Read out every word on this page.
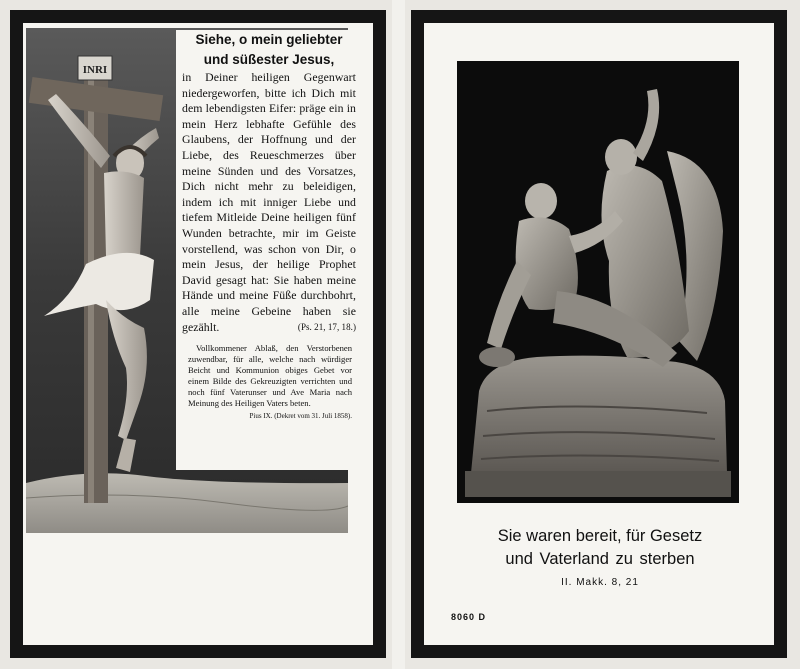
INRI
Siehe, o mein geliebter
und süßester Jesus,
in Deiner heiligen Gegenwart niedergeworfen, bitte ich Dich mit dem lebendigsten Eifer: präge ein in mein Herz lebhafte Gefühle des Glaubens, der Hoffnung und der Liebe, des Reueschmerzes über meine Sünden und des Vorsatzes, Dich nicht mehr zu beleidigen, indem ich mit inniger Liebe und tiefem Mitleide Deine heiligen fünf Wunden betrachte, mir im Geiste vorstellend, was schon von Dir, o mein Jesus, der heilige Prophet David gesagt hat: Sie haben meine Hände und meine Füße durchbohrt, alle meine Gebeine haben sie gezählt.	(Ps. 21, 17, 18.)
Vollkommener Ablaß, den Verstorbenen zuwendbar, für alle, welche nach würdiger Beicht und Kommunion obiges Gebet vor einem Bilde des Gekreuzigten verrichten und noch fünf Vaterunser und Ave Maria nach Meinung des Heiligen Vaters beten.
Pius IX. (Dekret vom 31. Juli 1858).
Sie waren bereit, für Gesetz
und Vaterland zu sterben
II. Makk. 8, 21
8060 D
